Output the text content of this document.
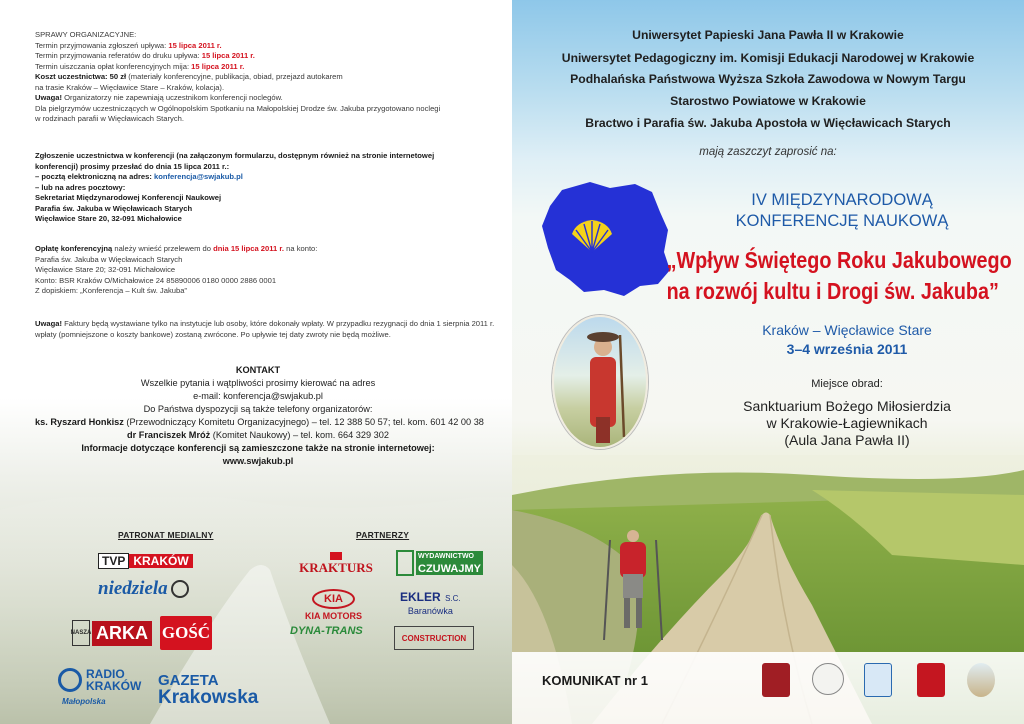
SPRAWY ORGANIZACYJNE:
Termin przyjmowania zgłoszeń upływa: 15 lipca 2011 r.
Termin przyjmowania referatów do druku upływa: 15 lipca 2011 r.
Termin uiszczania opłat konferencyjnych mija: 15 lipca 2011 r.
Koszt uczestnictwa: 50 zł (materiały konferencyjne, publikacja, obiad, przejazd autokarem
na trasie Kraków – Więcławice Stare – Kraków, kolacja).
Uwaga! Organizatorzy nie zapewniają uczestnikom konferencji noclegów.
Dla pielgrzymów uczestniczących w Ogólnopolskim Spotkaniu na Małopolskiej Drodze św. Jakuba przygotowano noclegi
w rodzinach parafii w Więcławicach Starych.
Zgłoszenie uczestnictwa w konferencji (na załączonym formularzu, dostępnym również na stronie internetowej
konferencji) prosimy przesłać do dnia 15 lipca 2011 r.:
– pocztą elektroniczną na adres: konferencja@swjakub.pl
– lub na adres pocztowy:
Sekretariat Międzynarodowej Konferencji Naukowej
Parafia św. Jakuba w Więcławicach Starych
Więcławice Stare 20, 32-091 Michałowice
Opłatę konferencyjną należy wnieść przelewem do dnia 15 lipca 2011 r. na konto:
Parafia św. Jakuba w Więcławicach Starych
Więcławice Stare 20; 32-091 Michałowice
Konto: BSR Kraków O/Michałowice 24 85890006 0180 0000 2886 0001
Z dopiskiem: „Konferencja – Kult św. Jakuba”
Uwaga! Faktury będą wystawiane tylko na instytucje lub osoby, które dokonały wpłaty. W przypadku rezygnacji do dnia 1 sierpnia 2011 r.
wpłaty (pomniejszone o koszty bankowe) zostaną zwrócone. Po upływie tej daty zwroty nie będą możliwe.
KONTAKT
Wszelkie pytania i wątpliwości prosimy kierować na adres
e-mail: konferencja@swjakub.pl
Do Państwa dyspozycji są także telefony organizatorów:
ks. Ryszard Honkisz (Przewodniczący Komitetu Organizacyjnego) – tel. 12 388 50 57; tel. kom. 601 42 00 38
dr Franciszek Mróż (Komitet Naukowy) – tel. kom. 664 329 302
Informacje dotyczące konferencji są zamieszczone także na stronie internetowej:
www.swjakub.pl
PATRONAT MEDIALNY	PARTNERZY
TVP KRAKÓW
niedziela
NASZA ARKA GOŚĆ
RADIO
KRAKÓW
Małopolska
GAZETA
Krakowska
KRAKTURS
WYDAWNICTWO
CZUWAJMY
KIA
KIA MOTORS
EKLER S.C.
Baranówka
DYNA-TRANS
CONSTRUCTION
Uniwersytet Papieski Jana Pawła II w Krakowie
Uniwersytet Pedagogiczny im. Komisji Edukacji Narodowej w Krakowie
Podhalańska Państwowa Wyższa Szkoła Zawodowa w Nowym Targu
Starostwo Powiatowe w Krakowie
Bractwo i Parafia św. Jakuba Apostoła w Więcławicach Starych
mają zaszczyt zaprosić na:
IV MIĘDZYNARODOWĄ
KONFERENCJĘ NAUKOWĄ
„Wpływ Świętego Roku Jakubowego
na rozwój kultu i Drogi św. Jakuba”
Kraków – Więcławice Stare
3–4 września 2011
Miejsce obrad:
Sanktuarium Bożego Miłosierdzia
w Krakowie-Łagiewnikach
(Aula Jana Pawła II)
KOMUNIKAT nr 1
